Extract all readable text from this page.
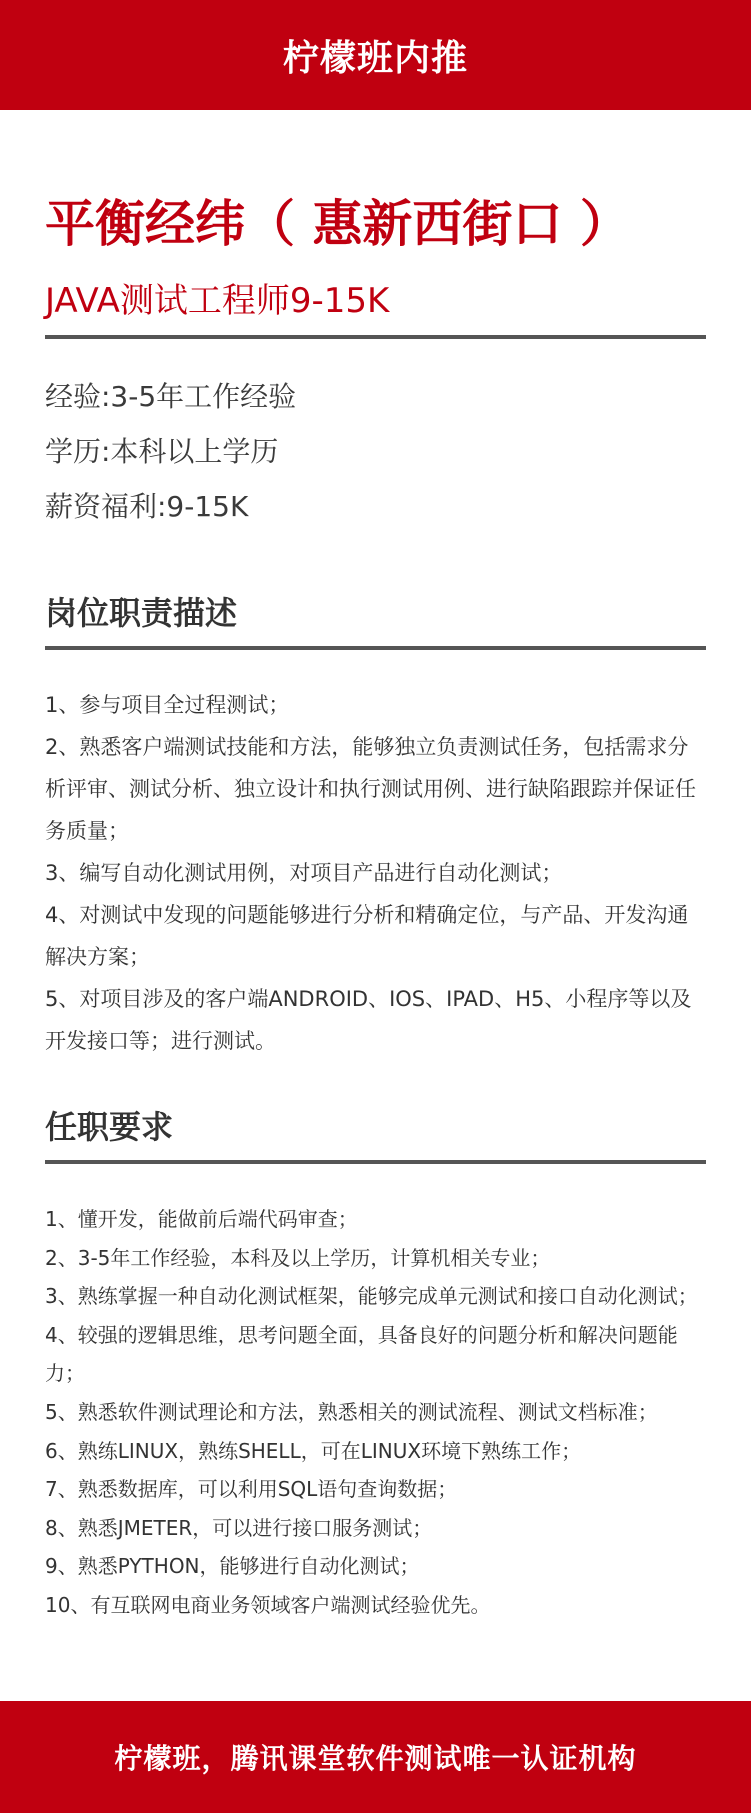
柠檬班内推
平衡经纬（ 惠新西街口 ）
JAVA测试工程师9-15K
经验:3-5年工作经验
学历:本科以上学历
薪资福利:9-15K
岗位职责描述
1、参与项目全过程测试；
2、熟悉客户端测试技能和方法，能够独立负责测试任务，包括需求分析评审、测试分析、独立设计和执行测试用例、进行缺陷跟踪并保证任务质量；
3、编写自动化测试用例，对项目产品进行自动化测试；
4、对测试中发现的问题能够进行分析和精确定位，与产品、开发沟通解决方案；
5、对项目涉及的客户端ANDROID、IOS、IPAD、H5、小程序等以及开发接口等；进行测试。
任职要求
1、懂开发，能做前后端代码审查；
2、3-5年工作经验，本科及以上学历，计算机相关专业；
3、熟练掌握一种自动化测试框架，能够完成单元测试和接口自动化测试；
4、较强的逻辑思维，思考问题全面，具备良好的问题分析和解决问题能力；
5、熟悉软件测试理论和方法，熟悉相关的测试流程、测试文档标准；
6、熟练LINUX，熟练SHELL，可在LINUX环境下熟练工作；
7、熟悉数据库，可以利用SQL语句查询数据；
8、熟悉JMETER，可以进行接口服务测试；
9、熟悉PYTHON，能够进行自动化测试；
10、有互联网电商业务领域客户端测试经验优先。
柠檬班，腾讯课堂软件测试唯一认证机构
